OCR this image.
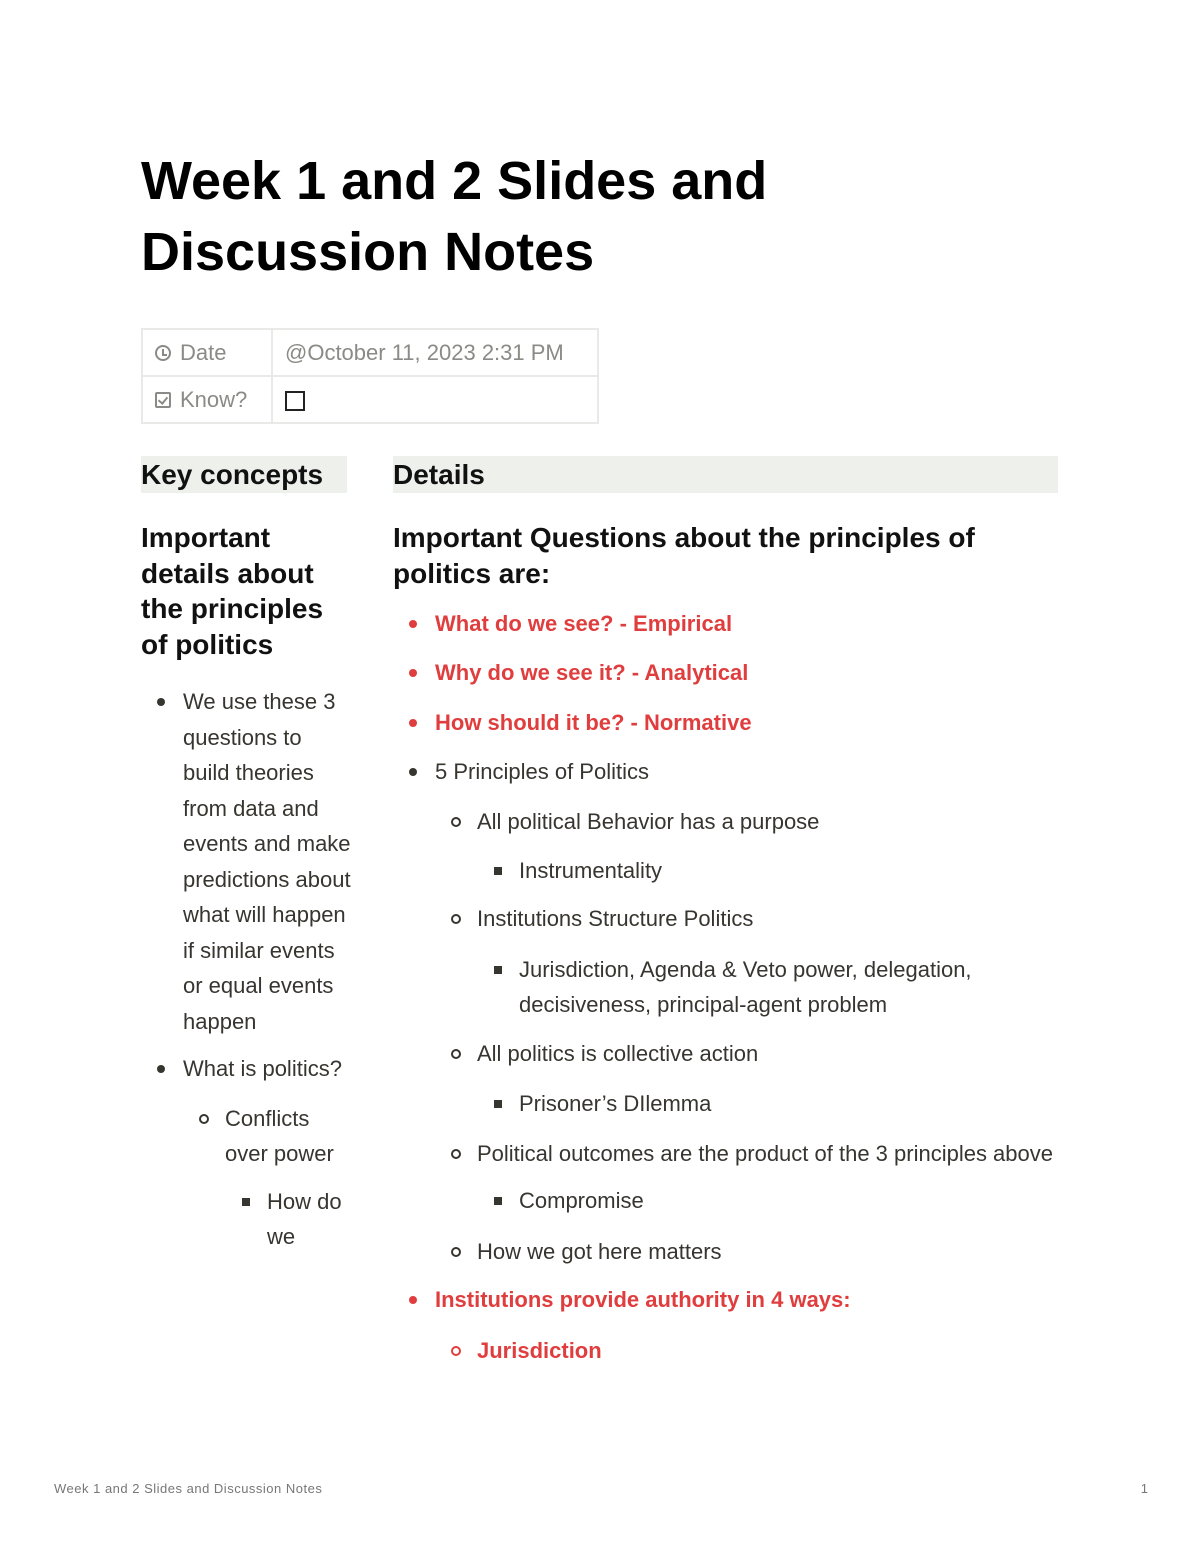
Week 1 and 2 Slides and Discussion Notes
Date	@October 11, 2023 2:31 PM
Know?	
Key concepts	Details
Important details about the principles of politics
We use these 3 questions to build theories from data and events and make predictions about what will happen if similar events or equal events happen
What is politics?
Conflicts over power
How do we
Important Questions about the principles of politics are:
What do we see? - Empirical
Why do we see it? - Analytical
How should it be? - Normative
5 Principles of Politics
All political Behavior has a purpose
Instrumentality
Institutions Structure Politics
Jurisdiction, Agenda & Veto power, delegation, decisiveness, principal-agent problem
All politics is collective action
Prisoner’s DIlemma
Political outcomes are the product of the 3 principles above
Compromise
How we got here matters
Institutions provide authority in 4 ways:
Jurisdiction
Week 1 and 2 Slides and Discussion Notes	1
